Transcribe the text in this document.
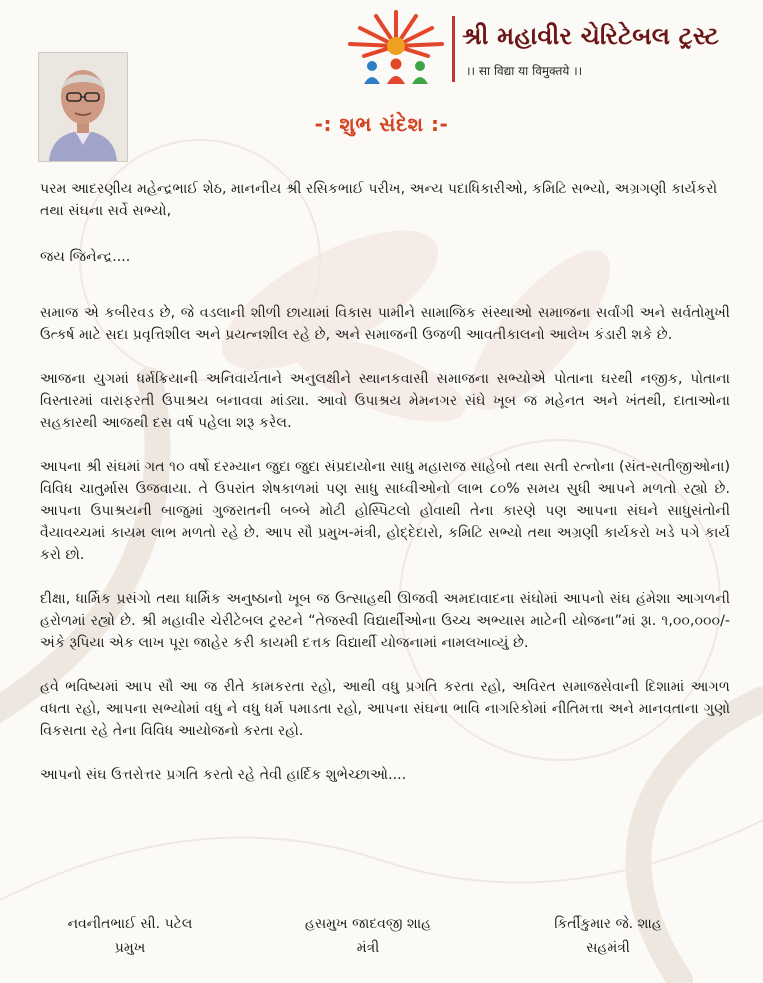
શ્રી મહાવીર ચેરિટેબલ ટ્રસ્ટ
।। सा विद्या या विमुक्तये ।।
-: શુભ સંદેશ :-

પરમ આદરણીય મહેન્દ્રભાઈ શેઠ, માનનીય શ્રી રસિકભાઈ પરીખ, અન્ય પદાધિકારીઓ, કમિટિ સભ્યો, અગ્રગણી કાર્યકરો તથા સંઘના સર્વે સભ્યો,

જય જિનેન્દ્ર....

સમાજ એ કબીરવડ છે, જે વડલાની શીળી છાયામાં વિકાસ પામીને સામાજિક સંસ્થાઓ સમાજના સર્વાંગી અને સર્વતોમુખી ઉત્કર્ષ માટે સદા પ્રવૃત્તિશીલ અને પ્રયત્નશીલ રહે છે, અને સમાજની ઉજળી આવતીકાલનો આલેખ કંડારી શકે છે.

આજના યુગમાં ધર્મક્રિયાની અનિવાર્યતાને અનુલક્ષીને સ્થાનકવાસી સમાજના સભ્યોએ પોતાના ઘરથી નજીક, પોતાના વિસ્તારમાં વારાફરતી ઉપાશ્રય બનાવવા માંડ્યા. આવો ઉપાશ્રય મેમનગર સંઘે ખૂબ જ મહેનત અને ખંતથી, દાતાઓના સહકારથી આજથી દસ વર્ષ પહેલા શરૂ કરેલ.

આપના શ્રી સંઘમાં ગત ૧૦ વર્ષો દરમ્યાન જુદા જુદા સંપ્રદાયોના સાધુ મહારાજ સાહેબો તથા સતી રત્નોના (સંત-સતીજીઓના) વિવિધ ચાતુર્માસ ઉજવાયા. તે ઉપરાંત શેષકાળમાં પણ સાધુ સાધ્વીઓનો લાભ ૮૦% સમય સુધી આપને મળતો રહ્યો છે. આપના ઉપાશ્રયની બાજુમાં ગુજરાતની બબ્બે મોટી હોસ્પિટલો હોવાથી તેના કારણે પણ આપના સંઘને સાધુસંતોની વૈયાવચ્ચમાં કાયમ લાભ મળતો રહે છે. આપ સૌ પ્રમુખ-મંત્રી, હોદ્દેદારો, કમિટિ સભ્યો તથા અગ્રણી કાર્યકરો ખડે પગે કાર્ય કરો છો.

દીક્ષા, ધાર્મિક પ્રસંગો તથા ધાર્મિક અનુષ્ઠાનો ખૂબ જ ઉત્સાહથી ઊજવી અમદાવાદના સંઘોમાં આપનો સંઘ હંમેશા આગળની હરોળમાં રહ્યો છે. શ્રી મહાવીર ચેરીટેબલ ટ્રસ્ટને “તેજસ્વી વિદ્યાર્થીઓના ઉચ્ચ અભ્યાસ માટેની યોજના”માં રૂા. ૧,૦૦,૦૦૦/- અંકે રૂપિયા એક લાખ પૂરા જાહેર કરી કાયમી દત્તક વિદ્યાર્થી યોજનામાં નામલખાવ્યું છે.

હવે ભવિષ્યમાં આપ સૌ આ જ રીતે કામકરતા રહો, આથી વધુ પ્રગતિ કરતા રહો, અવિરત સમાજસેવાની દિશામાં આગળ વધતા રહો, આપના સભ્યોમાં વધુ ને વધુ ધર્મ પમાડતા રહો, આપના સંઘના ભાવિ નાગરિકોમાં નીતિમત્તા અને માનવતાના ગુણો વિકસતા રહે તેના વિવિધ આયોજનો કરતા રહો.

આપનો સંઘ ઉત્તરોત્તર પ્રગતિ કરતો રહે તેવી હાર્દિક શુભેચ્છાઓ....

નવનીતભાઈ સી. પટેલ
પ્રમુખ
હસમુખ જાદવજી શાહ
મંત્રી
કિર્તીકુમાર જે. શાહ
સહમંત્રી
